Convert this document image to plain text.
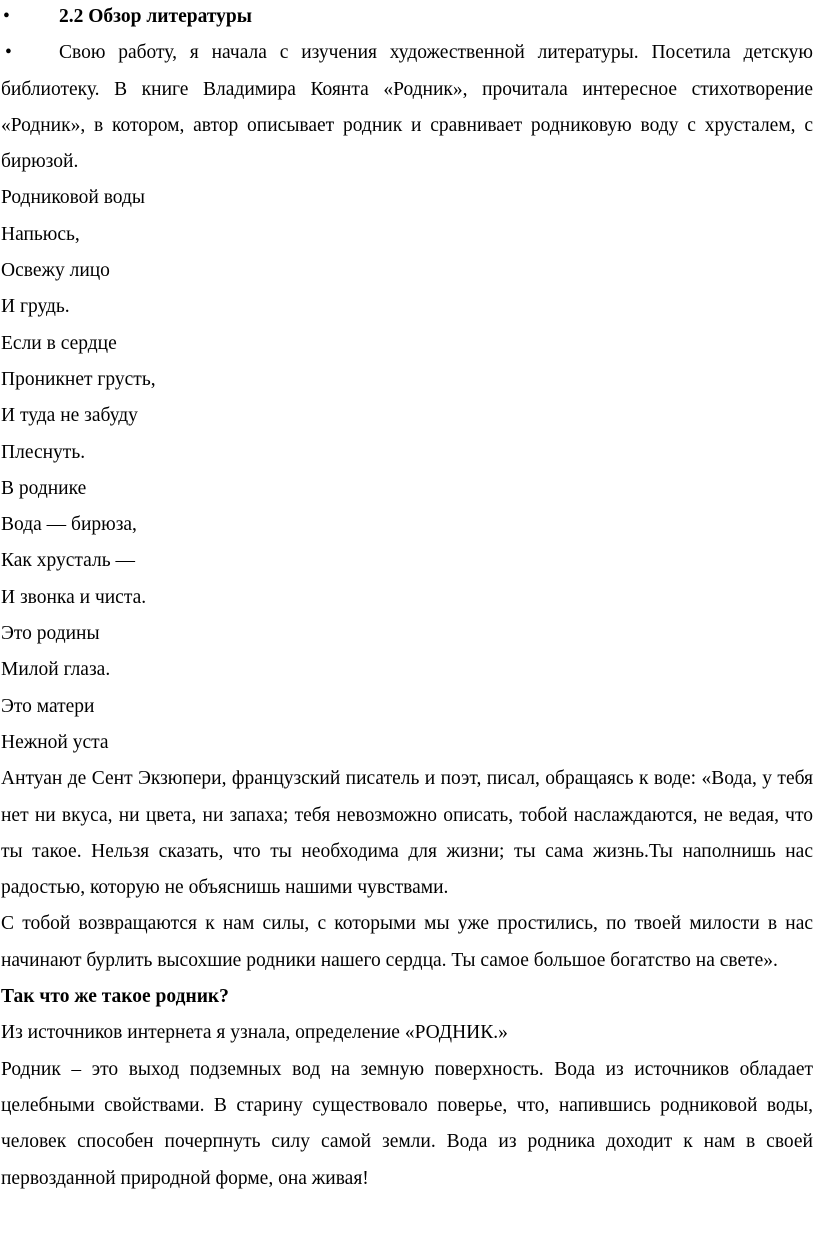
•	2.2 Обзор литературы
•	Свою работу, я начала с изучения художественной литературы. Посетила детскую библиотеку. В книге Владимира Коянта «Родник», прочитала интересное стихотворение «Родник», в котором, автор описывает родник и сравнивает родниковую воду с хрусталем, с бирюзой.

Родниковой воды
Напьюсь,
Освежу лицо
И грудь.
Если в сердце
Проникнет грусть,
И туда не забуду
Плеснуть.
В роднике
Вода — бирюза,
Как хрусталь —
И звонка и чиста.
Это родины
Милой глаза.
Это матери
Нежной уста

Антуан де Сент Экзюпери, французский писатель и поэт, писал, обращаясь к воде: «Вода, у тебя нет ни вкуса, ни цвета, ни запаха; тебя невозможно описать, тобой наслаждаются, не ведая, что ты такое. Нельзя сказать, что ты необходима для жизни; ты сама жизнь.Ты наполнишь нас радостью, которую не объяснишь нашими чувствами.

С тобой возвращаются к нам силы, с которыми мы уже простились, по твоей милости в нас начинают бурлить высохшие родники нашего сердца. Ты самое большое богатство на свете».

Так что же такое родник?
Из источников интернета я узнала, определение «РОДНИК.»

Родник – это выход подземных вод на земную поверхность. Вода из источников обладает целебными свойствами. В старину существовало поверье, что, напившись родниковой воды, человек способен почерпнуть силу самой земли. Вода из родника доходит к нам в своей первозданной природной форме, она живая!
